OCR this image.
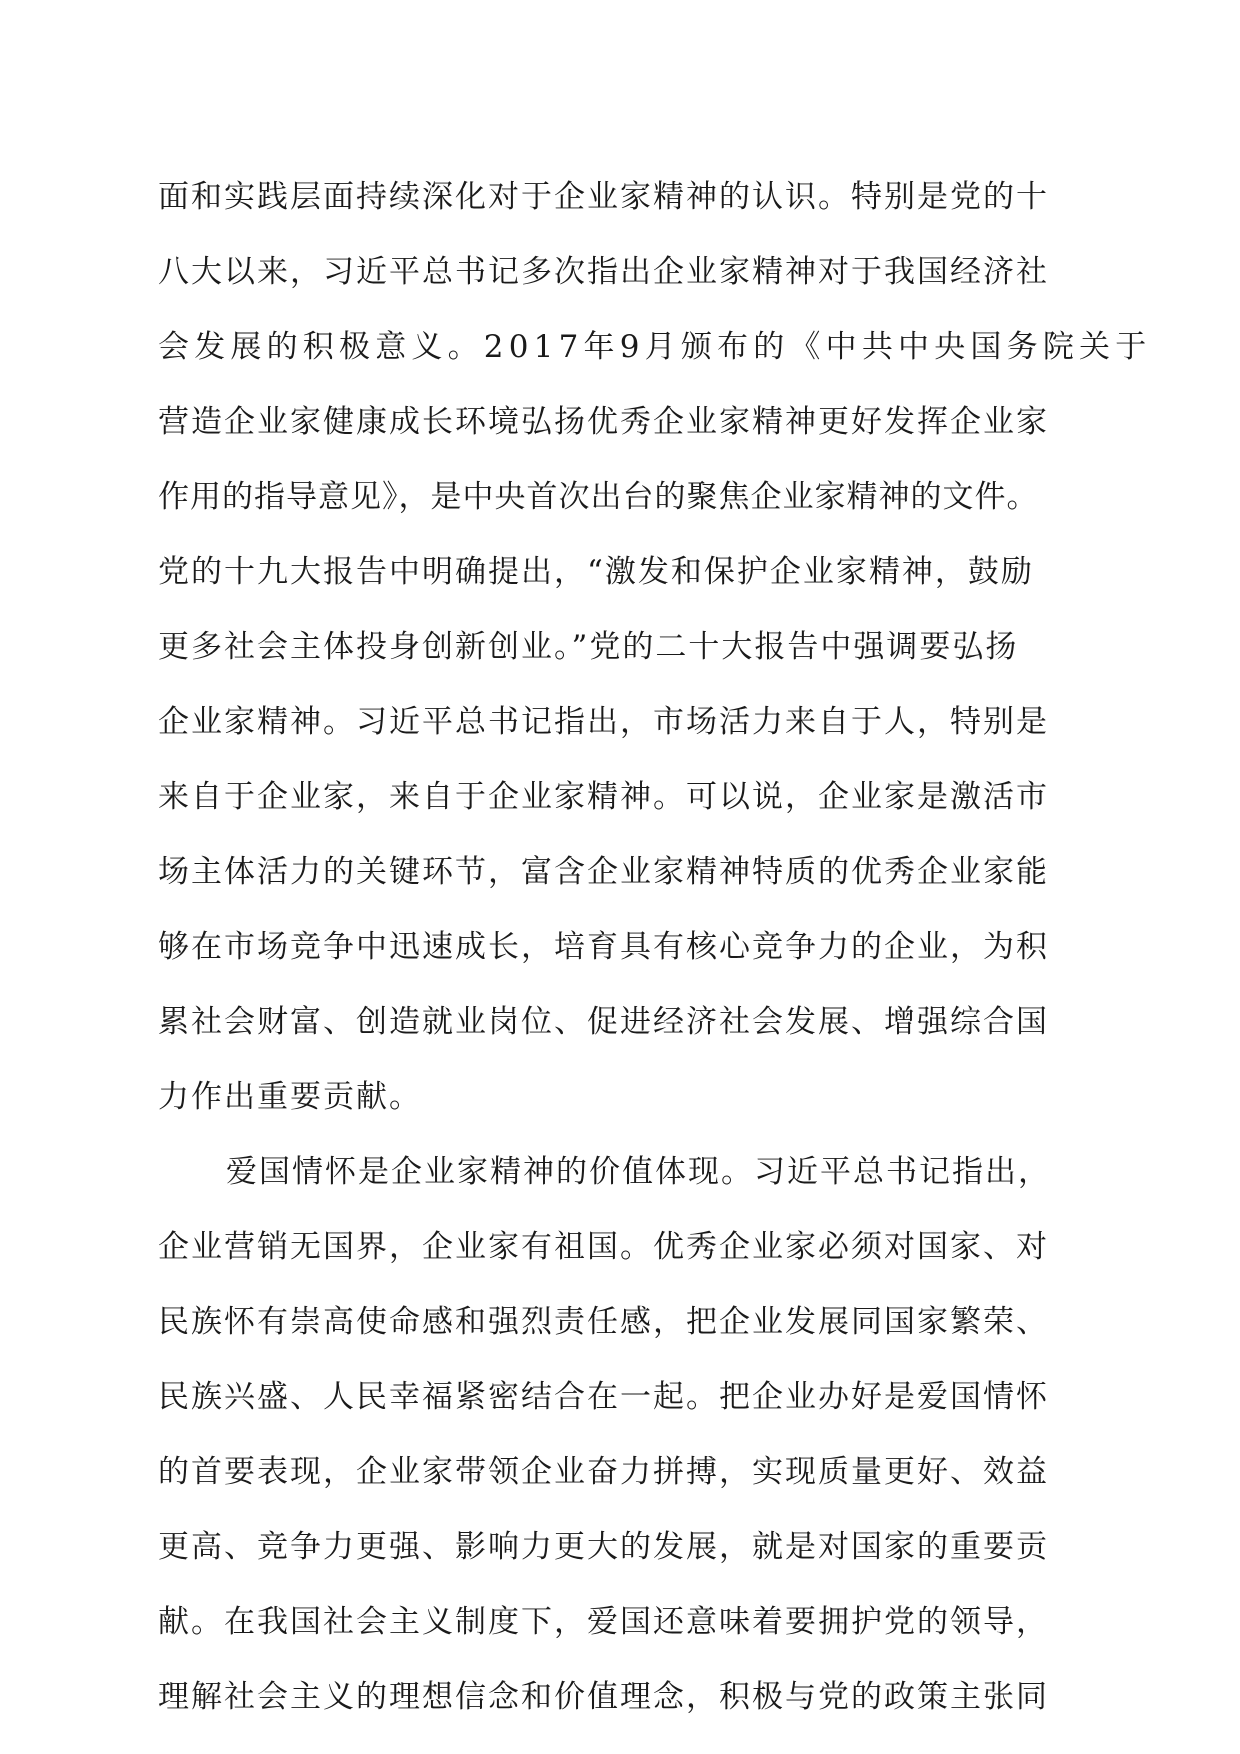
面和实践层面持续深化对于企业家精神的认识。特别是党的十
八大以来，习近平总书记多次指出企业家精神对于我国经济社
会发展的积极意义。2017年9月颁布的《中共中央国务院关于
营造企业家健康成长环境弘扬优秀企业家精神更好发挥企业家
作用的指导意见》，是中央首次出台的聚焦企业家精神的文件。
党的十九大报告中明确提出，“激发和保护企业家精神，鼓励
更多社会主体投身创新创业。”党的二十大报告中强调要弘扬
企业家精神。习近平总书记指出，市场活力来自于人，特别是
来自于企业家，来自于企业家精神。可以说，企业家是激活市
场主体活力的关键环节，富含企业家精神特质的优秀企业家能
够在市场竞争中迅速成长，培育具有核心竞争力的企业，为积
累社会财富、创造就业岗位、促进经济社会发展、增强综合国
力作出重要贡献。
爱国情怀是企业家精神的价值体现。习近平总书记指出，
企业营销无国界，企业家有祖国。优秀企业家必须对国家、对
民族怀有崇高使命感和强烈责任感，把企业发展同国家繁荣、
民族兴盛、人民幸福紧密结合在一起。把企业办好是爱国情怀
的首要表现，企业家带领企业奋力拼搏，实现质量更好、效益
更高、竞争力更强、影响力更大的发展，就是对国家的重要贡
献。在我国社会主义制度下，爱国还意味着要拥护党的领导，
理解社会主义的理想信念和价值理念，积极与党的政策主张同
